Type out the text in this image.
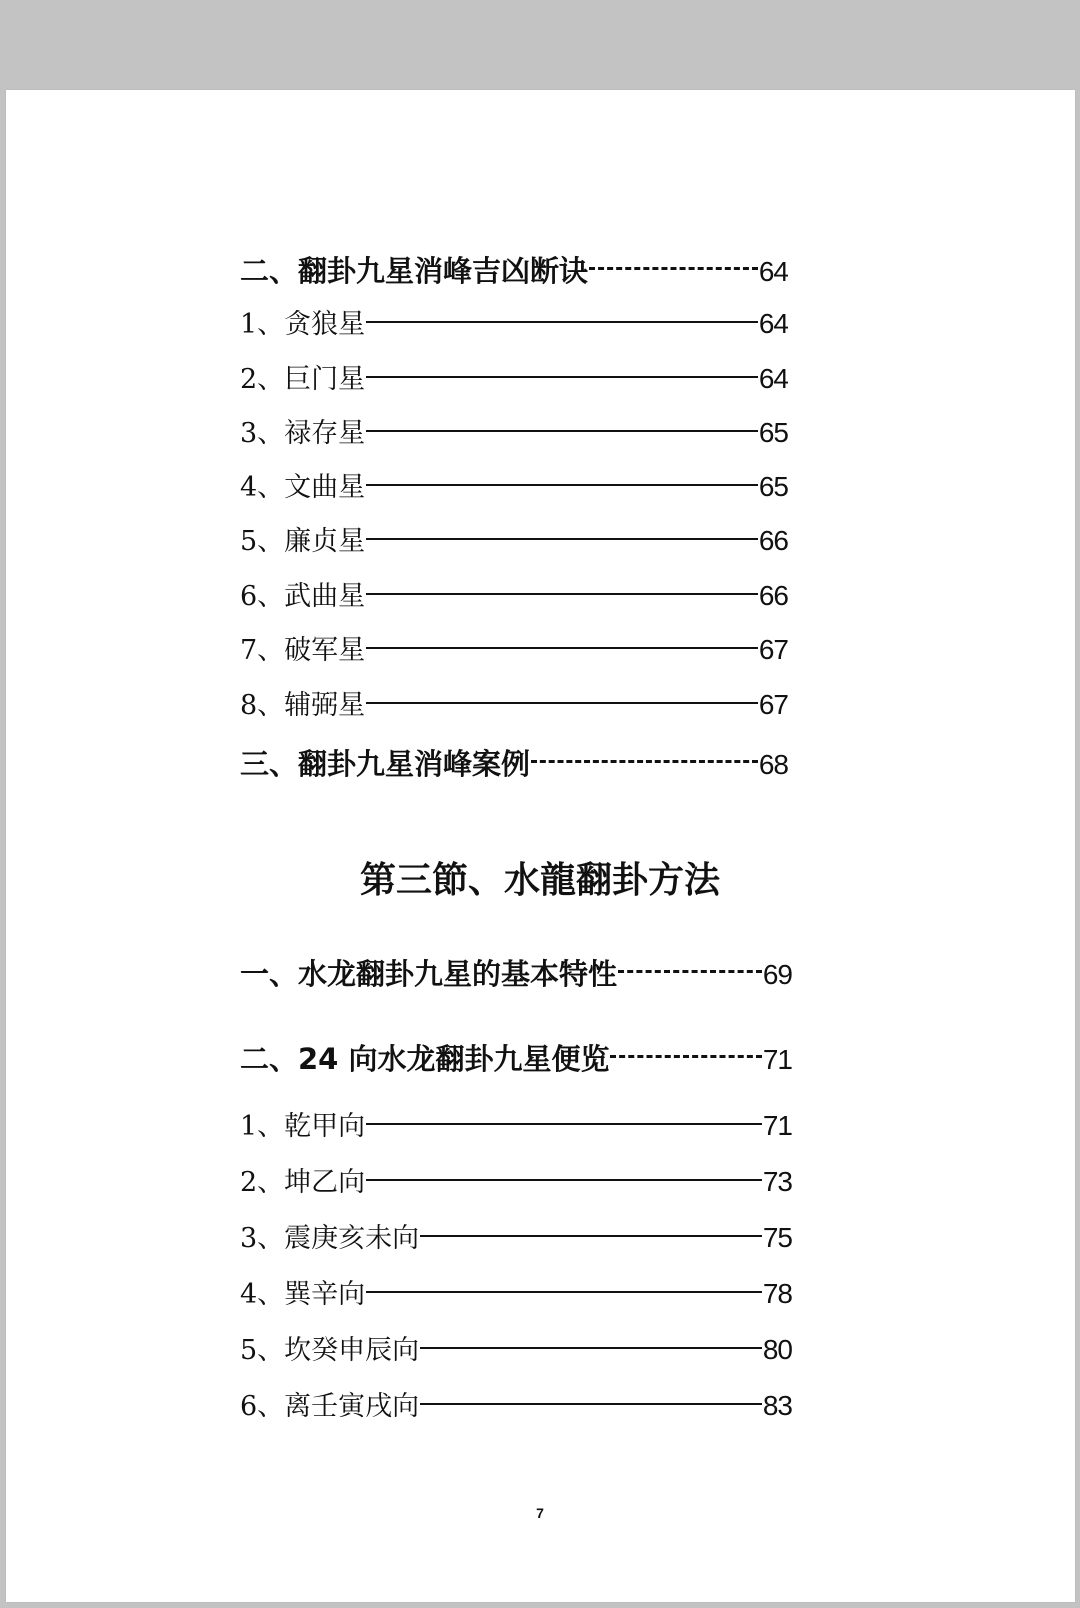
二、翻卦九星消峰吉凶断诀	64
1、贪狼星	64
2、巨门星	64
3、禄存星	65
4、文曲星	65
5、廉贞星	66
6、武曲星	66
7、破军星	67
8、辅弼星	67
三、翻卦九星消峰案例	68
第三節、水龍翻卦方法
一、水龙翻卦九星的基本特性	69
二、24 向水龙翻卦九星便览	71
1、乾甲向	71
2、坤乙向	73
3、震庚亥未向	75
4、巽辛向	78
5、坎癸申辰向	80
6、离壬寅戌向	83
7
